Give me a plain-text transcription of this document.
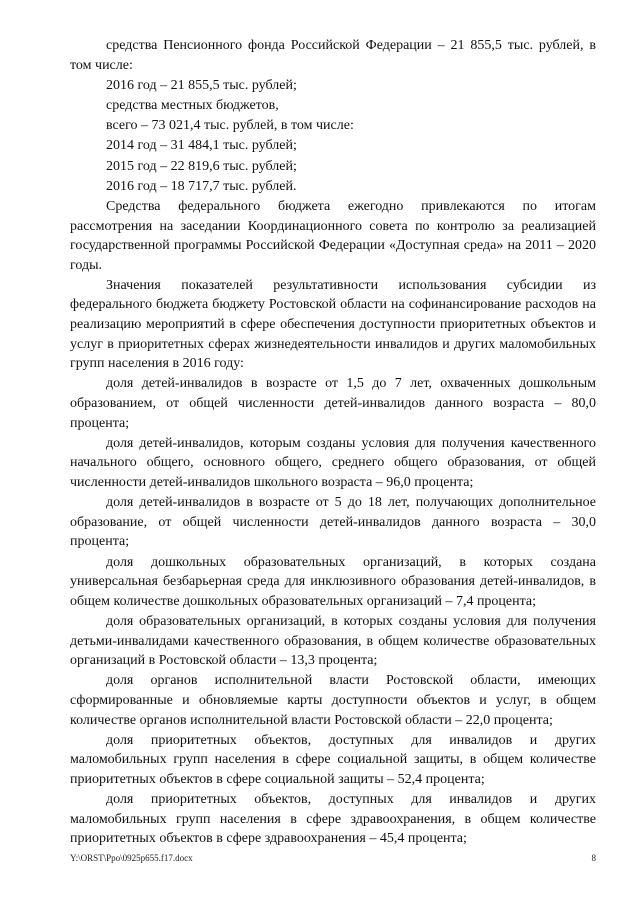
средства Пенсионного фонда Российской Федерации – 21 855,5 тыс. рублей, в том числе:

2016 год – 21 855,5 тыс. рублей;

средства местных бюджетов,

всего – 73 021,4 тыс. рублей, в том числе:

2014 год – 31 484,1 тыс. рублей;

2015 год – 22 819,6 тыс. рублей;

2016 год – 18 717,7 тыс. рублей.

Средства федерального бюджета ежегодно привлекаются по итогам рассмотрения на заседании Координационного совета по контролю за реализацией государственной программы Российской Федерации «Доступная среда» на 2011 – 2020 годы.

Значения показателей результативности использования субсидии из федерального бюджета бюджету Ростовской области на софинансирование расходов на реализацию мероприятий в сфере обеспечения доступности приоритетных объектов и услуг в приоритетных сферах жизнедеятельности инвалидов и других маломобильных групп населения в 2016 году:

доля детей-инвалидов в возрасте от 1,5 до 7 лет, охваченных дошкольным образованием, от общей численности детей-инвалидов данного возраста – 80,0 процента;

доля детей-инвалидов, которым созданы условия для получения качественного начального общего, основного общего, среднего общего образования, от общей численности детей-инвалидов школьного возраста – 96,0 процента;

доля детей-инвалидов в возрасте от 5 до 18 лет, получающих дополнительное образование, от общей численности детей-инвалидов данного возраста – 30,0 процента;

доля дошкольных образовательных организаций, в которых создана универсальная безбарьерная среда для инклюзивного образования детей-инвалидов, в общем количестве дошкольных образовательных организаций – 7,4 процента;

доля образовательных организаций, в которых созданы условия для получения детьми-инвалидами качественного образования, в общем количестве образовательных организаций в Ростовской области – 13,3 процента;

доля органов исполнительной власти Ростовской области, имеющих сформированные и обновляемые карты доступности объектов и услуг, в общем количестве органов исполнительной власти Ростовской области – 22,0 процента;

доля приоритетных объектов, доступных для инвалидов и других маломобильных групп населения в сфере социальной защиты, в общем количестве приоритетных объектов в сфере социальной защиты – 52,4 процента;

доля приоритетных объектов, доступных для инвалидов и других маломобильных групп населения в сфере здравоохранения, в общем количестве приоритетных объектов в сфере здравоохранения – 45,4 процента;

Y:\ORST\Ppo\0925p655.f17.docx	8
